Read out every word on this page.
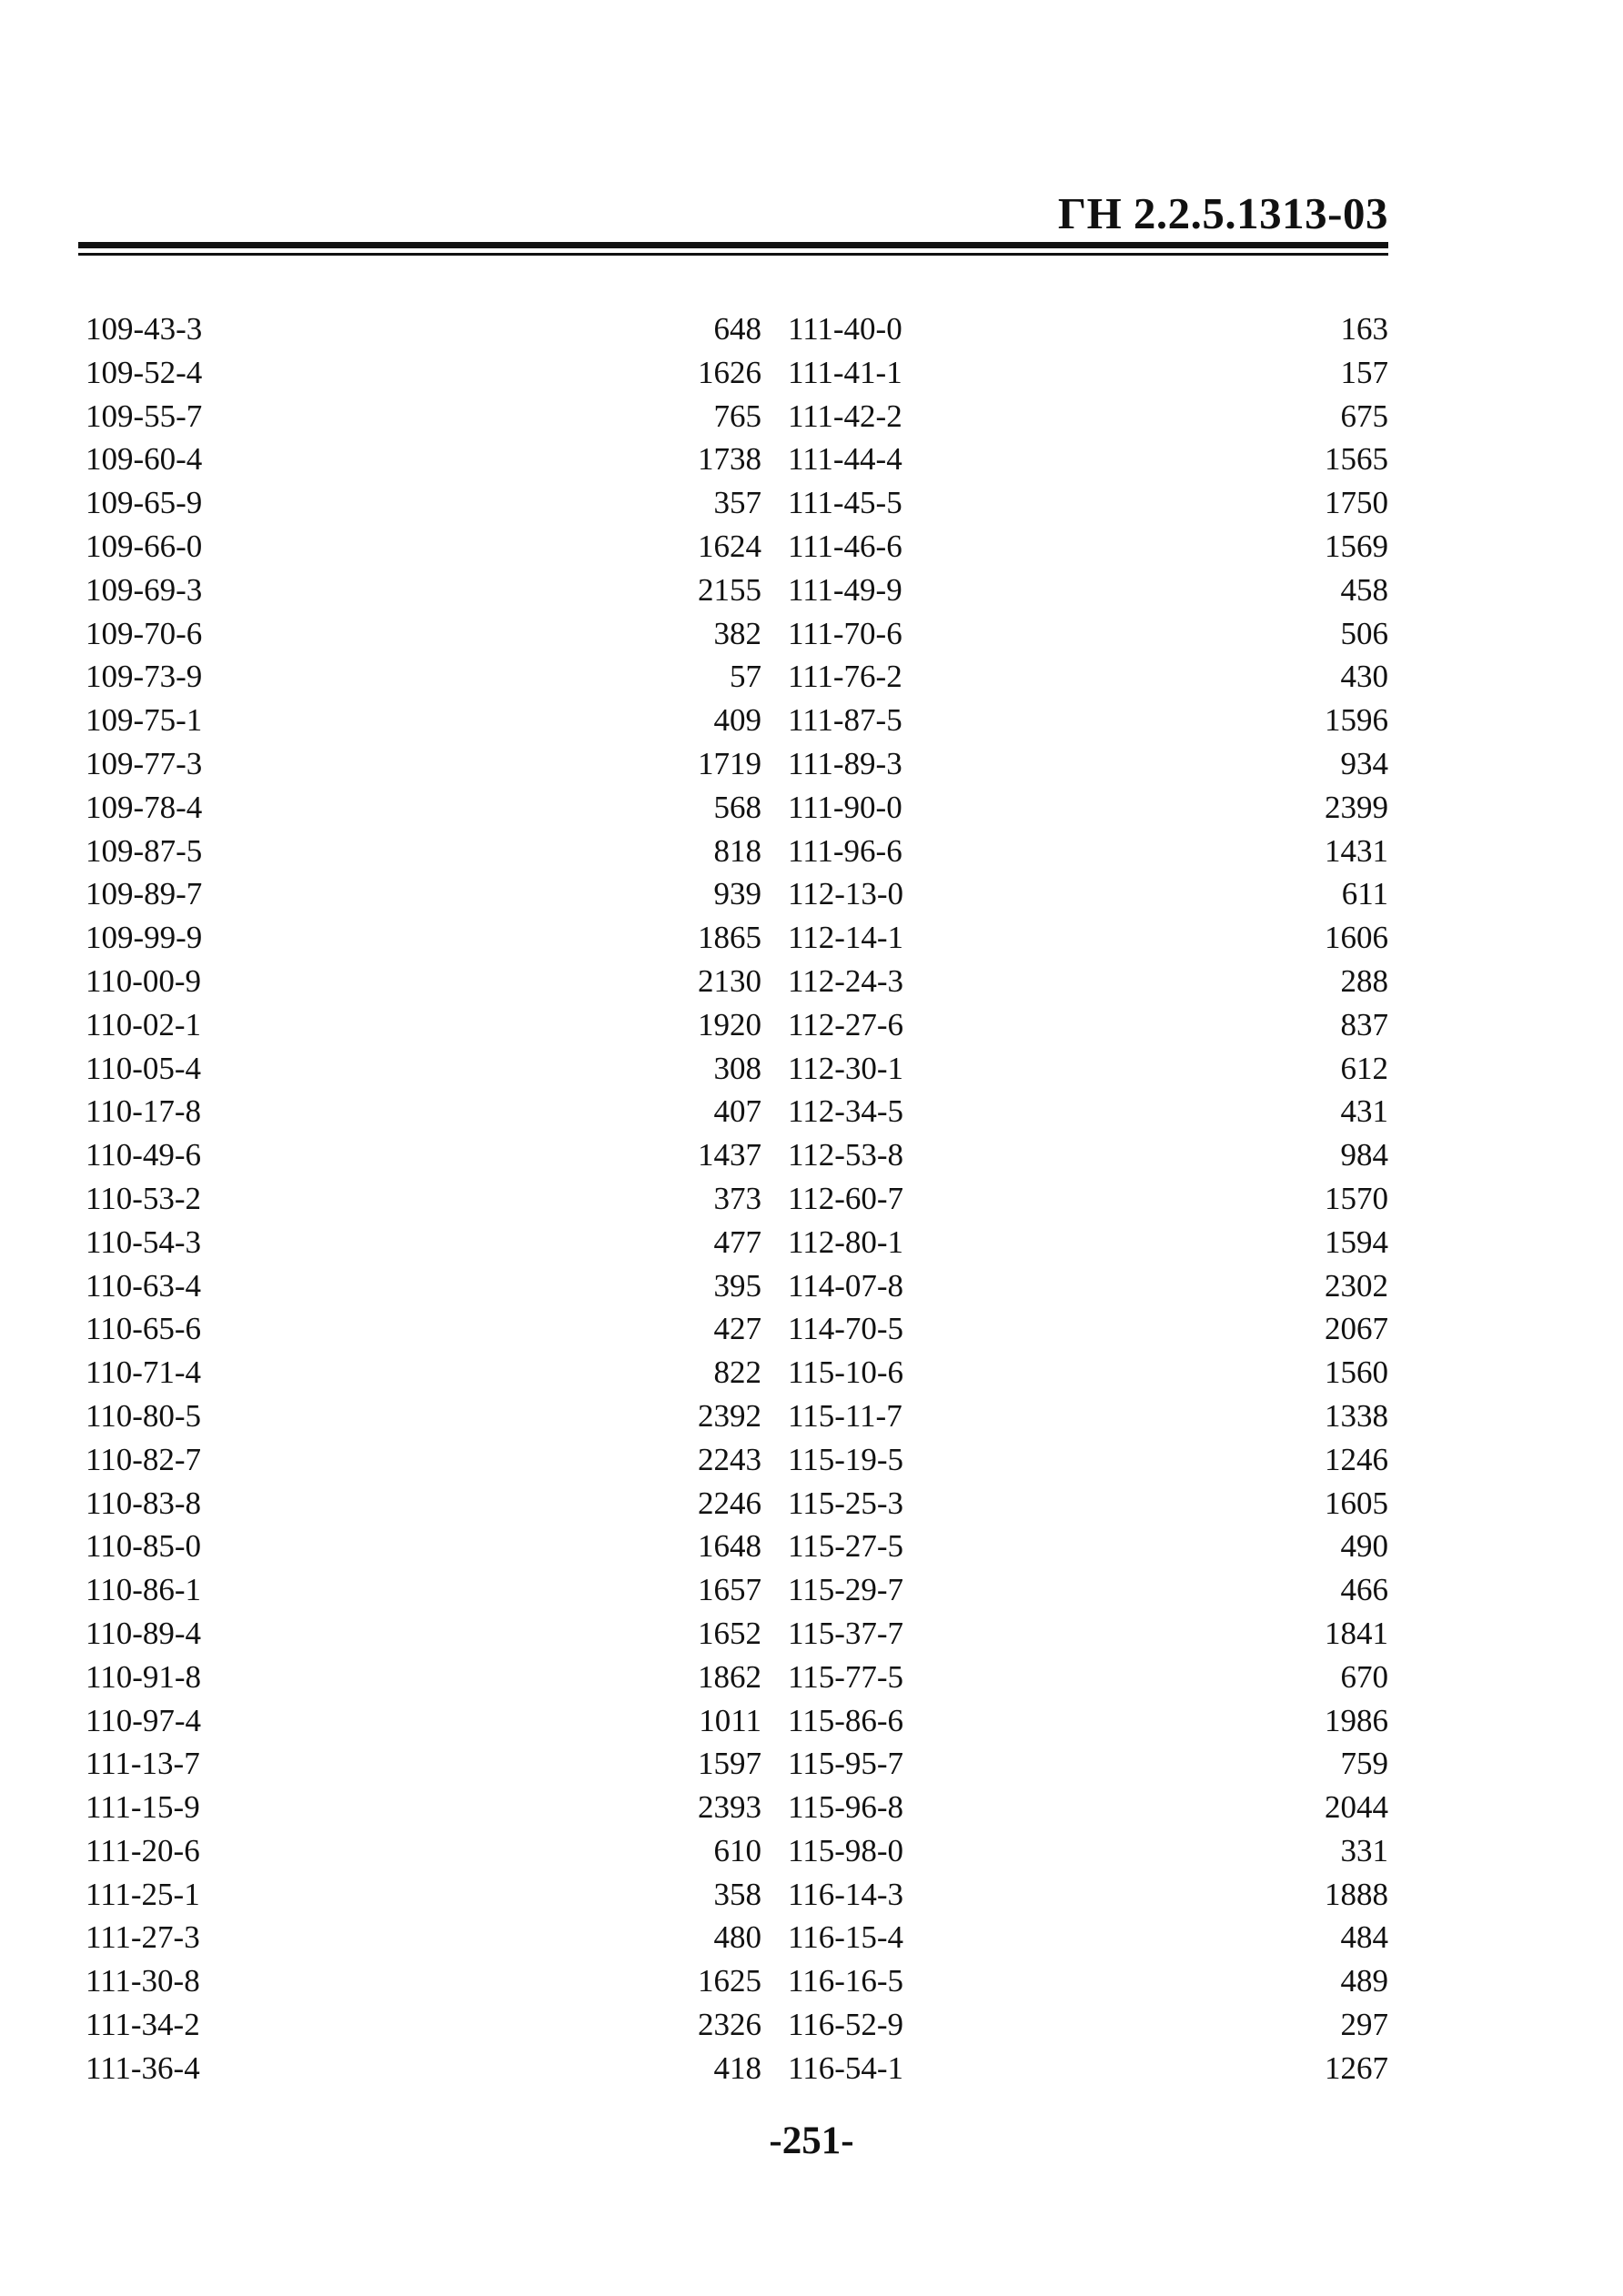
ГН 2.2.5.1313-03
109-43-3	648 111-40-0	163
109-52-4	1626 111-41-1	157
109-55-7	765 111-42-2	675
109-60-4	1738 111-44-4	1565
109-65-9	357 111-45-5	1750
109-66-0	1624 111-46-6	1569
109-69-3	2155 111-49-9	458
109-70-6	382 111-70-6	506
109-73-9	57 111-76-2	430
109-75-1	409 111-87-5	1596
109-77-3	1719 111-89-3	934
109-78-4	568 111-90-0	2399
109-87-5	818 111-96-6	1431
109-89-7	939 112-13-0	611
109-99-9	1865 112-14-1	1606
110-00-9	2130 112-24-3	288
110-02-1	1920 112-27-6	837
110-05-4	308 112-30-1	612
110-17-8	407 112-34-5	431
110-49-6	1437 112-53-8	984
110-53-2	373 112-60-7	1570
110-54-3	477 112-80-1	1594
110-63-4	395 114-07-8	2302
110-65-6	427 114-70-5	2067
110-71-4	822 115-10-6	1560
110-80-5	2392 115-11-7	1338
110-82-7	2243 115-19-5	1246
110-83-8	2246 115-25-3	1605
110-85-0	1648 115-27-5	490
110-86-1	1657 115-29-7	466
110-89-4	1652 115-37-7	1841
110-91-8	1862 115-77-5	670
110-97-4	1011 115-86-6	1986
111-13-7	1597 115-95-7	759
111-15-9	2393 115-96-8	2044
111-20-6	610 115-98-0	331
111-25-1	358 116-14-3	1888
111-27-3	480 116-15-4	484
111-30-8	1625 116-16-5	489
111-34-2	2326 116-52-9	297
111-36-4	418 116-54-1	1267
-251-
